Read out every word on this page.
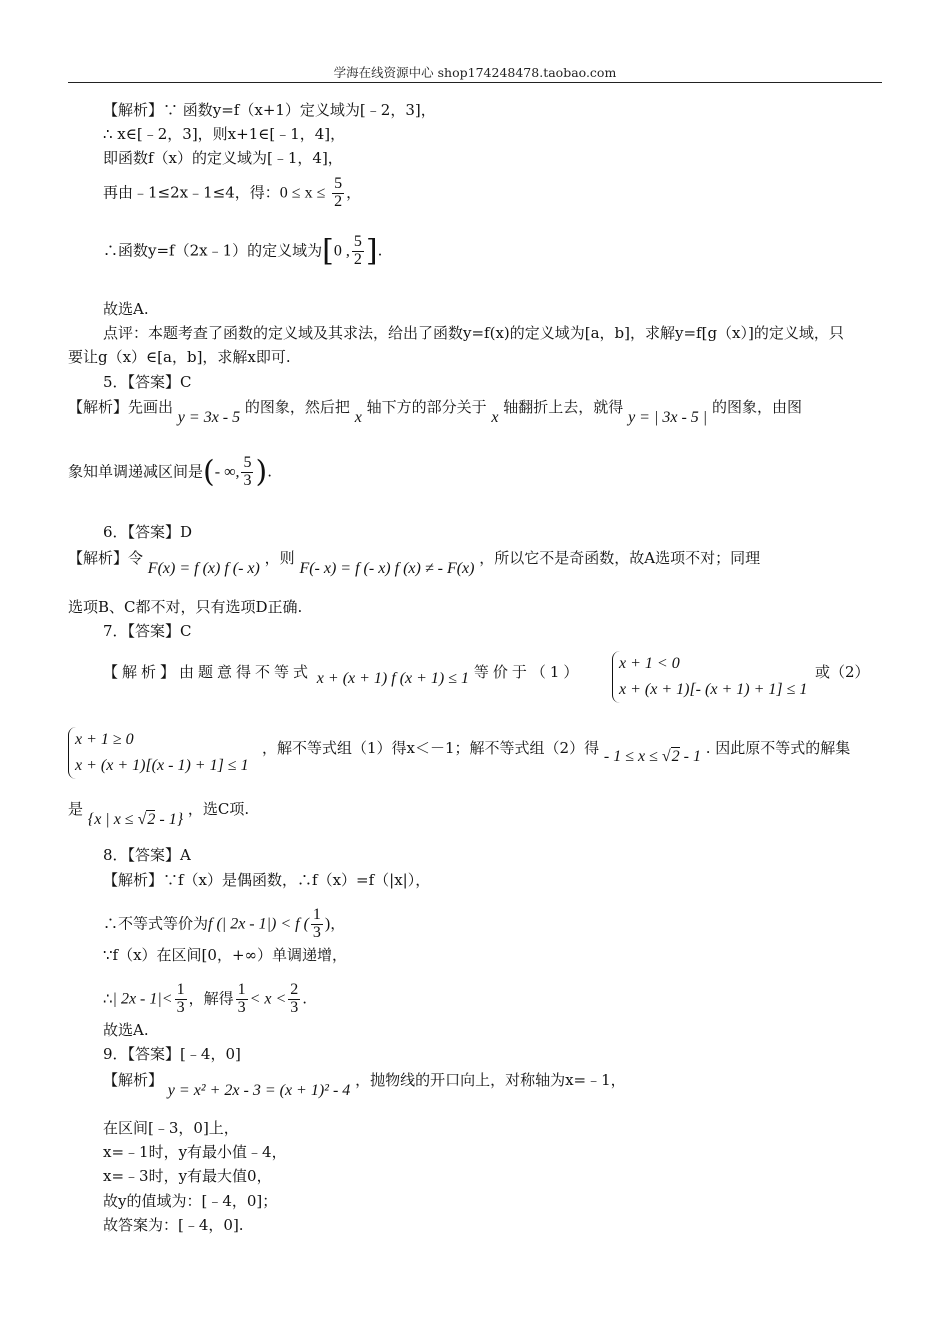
学海在线资源中心 shop174248478.taobao.com
【解析】∵ 函数y=f（x+1）定义域为[﹣2，3]，
∴ x∈[﹣2，3]，则x+1∈[﹣1，4]，
即函数f（x）的定义域为[﹣1，4]，
再由﹣1≤2x﹣1≤4，得：$0 \le x \le \frac{5}{2}$ ，
∴函数y=f（2x﹣1）的定义域为[0 , $\frac{5}{2}$ ].
故选A.
点评：本题考查了函数的定义域及其求法，给出了函数y=f(x)的定义域为[a，b]，求解y=f[g（x）]的定义域，只
要让g（x）∈[a，b]，求解x即可.
5．【答案】C
【解析】先画出 y = 3x - 5 的图象，然后把 x 轴下方的部分关于 x 轴翻折上去，就得 y = | 3x - 5 | 的图象，由图
象知单调递减区间是(- ∞, $\frac{5}{3}$ ).
6．【答案】D
【解析】令 F(x) = f (x) f (- x) ，则 F(- x) = f (- x) f (x) ≠ - F(x) ，所以它不是奇函数，故A选项不对；同理
选项B、C都不对，只有选项D正确.
7．【答案】C
【解析】由题意得不等式 x + (x + 1) f (x + 1) ≤ 1 等价于（1） x + 1 < 0
x + (x + 1)[- (x + 1) + 1] ≤ 1
或（2）
x + 1 ≥ 0
x + (x + 1)[(x - 1) + 1] ≤ 1
，解不等式组（1）得x＜－1；解不等式组（2）得 - 1 ≤ x ≤ √2 - 1 . 因此原不等式的解集
是 {x | x ≤ √2 - 1} ，选C项.
8．【答案】A
【解析】∵f（x）是偶函数，∴f（x）=f（|x|），
∴不等式等价为f (| 2x - 1|) < f ( $\frac{1}{3}$ )，
∵f（x）在区间[0，+∞）单调递增，
∴| $2x - 1|< \frac{1}{3}$ ，解得 $\frac{1}{3} < x < \frac{2}{3}$ .
故选A.
9．【答案】[﹣4，0]
【解析】 y = x² + 2x - 3 = (x + 1)² - 4 ，抛物线的开口向上，对称轴为x=﹣1，
在区间[﹣3，0]上，
x=﹣1时，y有最小值﹣4，
x=﹣3时，y有最大值0，
故y的值域为：[﹣4，0]；
故答案为：[﹣4，0].
